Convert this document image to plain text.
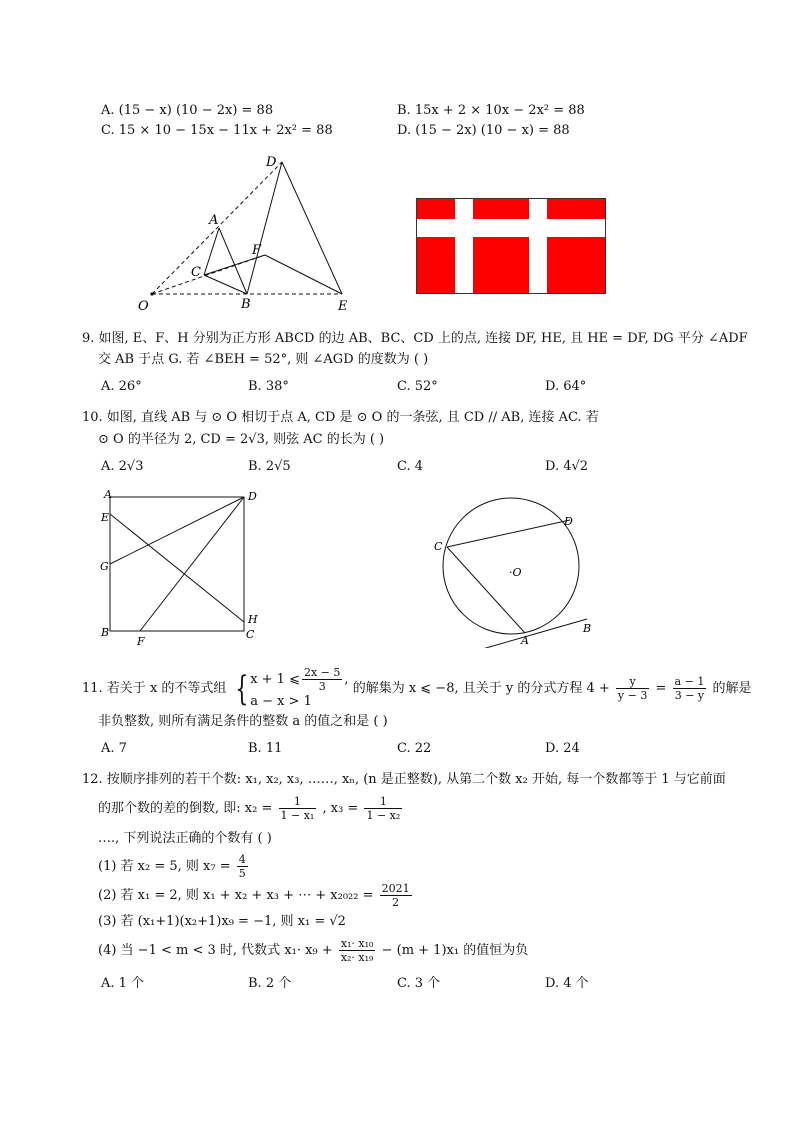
A. (15 − x) (10 − 2x) = 88	B. 15x + 2 × 10x − 2x² = 88
C. 15 × 10 − 15x − 11x + 2x² = 88	D. (15 − 2x) (10 − x) = 88
D
A
F
C
O	B	E
9. 如图, E、F、H 分别为正方形 ABCD 的边 AB、BC、CD 上的点, 连接 DF, HE, 且 HE = DF, DG 平分 ∠ADF
交 AB 于点 G. 若 ∠BEH = 52°, 则 ∠AGD 的度数为 ( )
A. 26°	B. 38°	C. 52°	D. 64°
10. 如图, 直线 AB 与 ⊙ O 相切于点 A, CD 是 ⊙ O 的一条弦, 且 CD // AB, 连接 AC. 若
⊙ O 的半径为 2, CD = 2√3, 则弦 AC 的长为 ( )
A. 2√3	B. 2√5	C. 4	D. 4√2
A	D
E
G
H
B
F
C
D
C
·O
A
B
11. 若关于 x 的不等式组 { x + 1 ⩽ $\frac{2x - 5}{3}$ ,
a − x > 1
的解集为 x ⩽ −8, 且关于 y 的分式方程 $4 + \frac{y}{y - 3} = \frac{a - 1}{3 - y}$ 的解是
非负整数, 则所有满足条件的整数 a 的值之和是 ( )
A. 7	B. 11	C. 22	D. 24
12. 按顺序排列的若干个数: x₁, x₂, x₃, ……, xₙ, (n 是正整数), 从第二个数 x₂ 开始, 每一个数都等于 1 与它前面
的那个数的差的倒数, 即: $x_2 = \frac{1}{\text{1 − x₁}}$ , $x_3 = \frac{1}{\text{1 − x₂}}$
…., 下列说法正确的个数有 ( )
(1) 若 x₂ = 5, 则 $x_7 = \frac{4}{5}$
(2) 若 x₁ = 2, 则 x₁ + x₂ + x₃ + ⋯ + $x_{2022} = \frac{2021}{2}$
(3) 若 (x₁+1)(x₂+1)x₉ = −1, 则 x₁ = √2
(4) 当 −1 < m < 3 时, 代数式 $x_1\cdot x_9 + \frac{\text{x₁· x₁₀}}{\text{x₂· x₁₉}} - (m + 1)x_1$ 的值恒为负
A. 1 个	B. 2 个	C. 3 个	D. 4 个
